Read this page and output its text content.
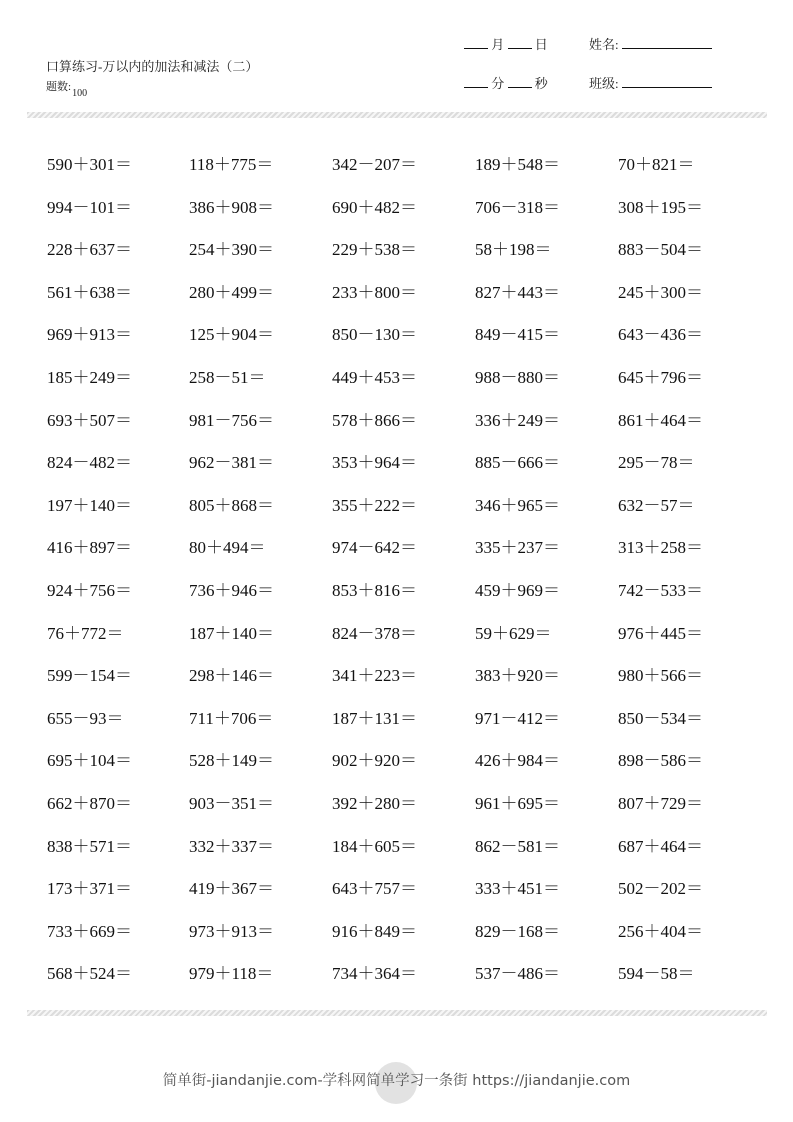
口算练习-万以内的加法和减法（二）
题数:100
月 日	姓名:
分 秒	班级:
590＋301＝	118＋775＝	342－207＝	189＋548＝	70＋821＝
994－101＝	386＋908＝	690＋482＝	706－318＝	308＋195＝
228＋637＝	254＋390＝	229＋538＝	58＋198＝	883－504＝
561＋638＝	280＋499＝	233＋800＝	827＋443＝	245＋300＝
969＋913＝	125＋904＝	850－130＝	849－415＝	643－436＝
185＋249＝	258－51＝	449＋453＝	988－880＝	645＋796＝
693＋507＝	981－756＝	578＋866＝	336＋249＝	861＋464＝
824－482＝	962－381＝	353＋964＝	885－666＝	295－78＝
197＋140＝	805＋868＝	355＋222＝	346＋965＝	632－57＝
416＋897＝	80＋494＝	974－642＝	335＋237＝	313＋258＝
924＋756＝	736＋946＝	853＋816＝	459＋969＝	742－533＝
76＋772＝	187＋140＝	824－378＝	59＋629＝	976＋445＝
599－154＝	298＋146＝	341＋223＝	383＋920＝	980＋566＝
655－93＝	711＋706＝	187＋131＝	971－412＝	850－534＝
695＋104＝	528＋149＝	902＋920＝	426＋984＝	898－586＝
662＋870＝	903－351＝	392＋280＝	961＋695＝	807＋729＝
838＋571＝	332＋337＝	184＋605＝	862－581＝	687＋464＝
173＋371＝	419＋367＝	643＋757＝	333＋451＝	502－202＝
733＋669＝	973＋913＝	916＋849＝	829－168＝	256＋404＝
568＋524＝	979＋118＝	734＋364＝	537－486＝	594－58＝
简单街-jiandanjie.com-学科网简单学习一条街 https://jiandanjie.com
